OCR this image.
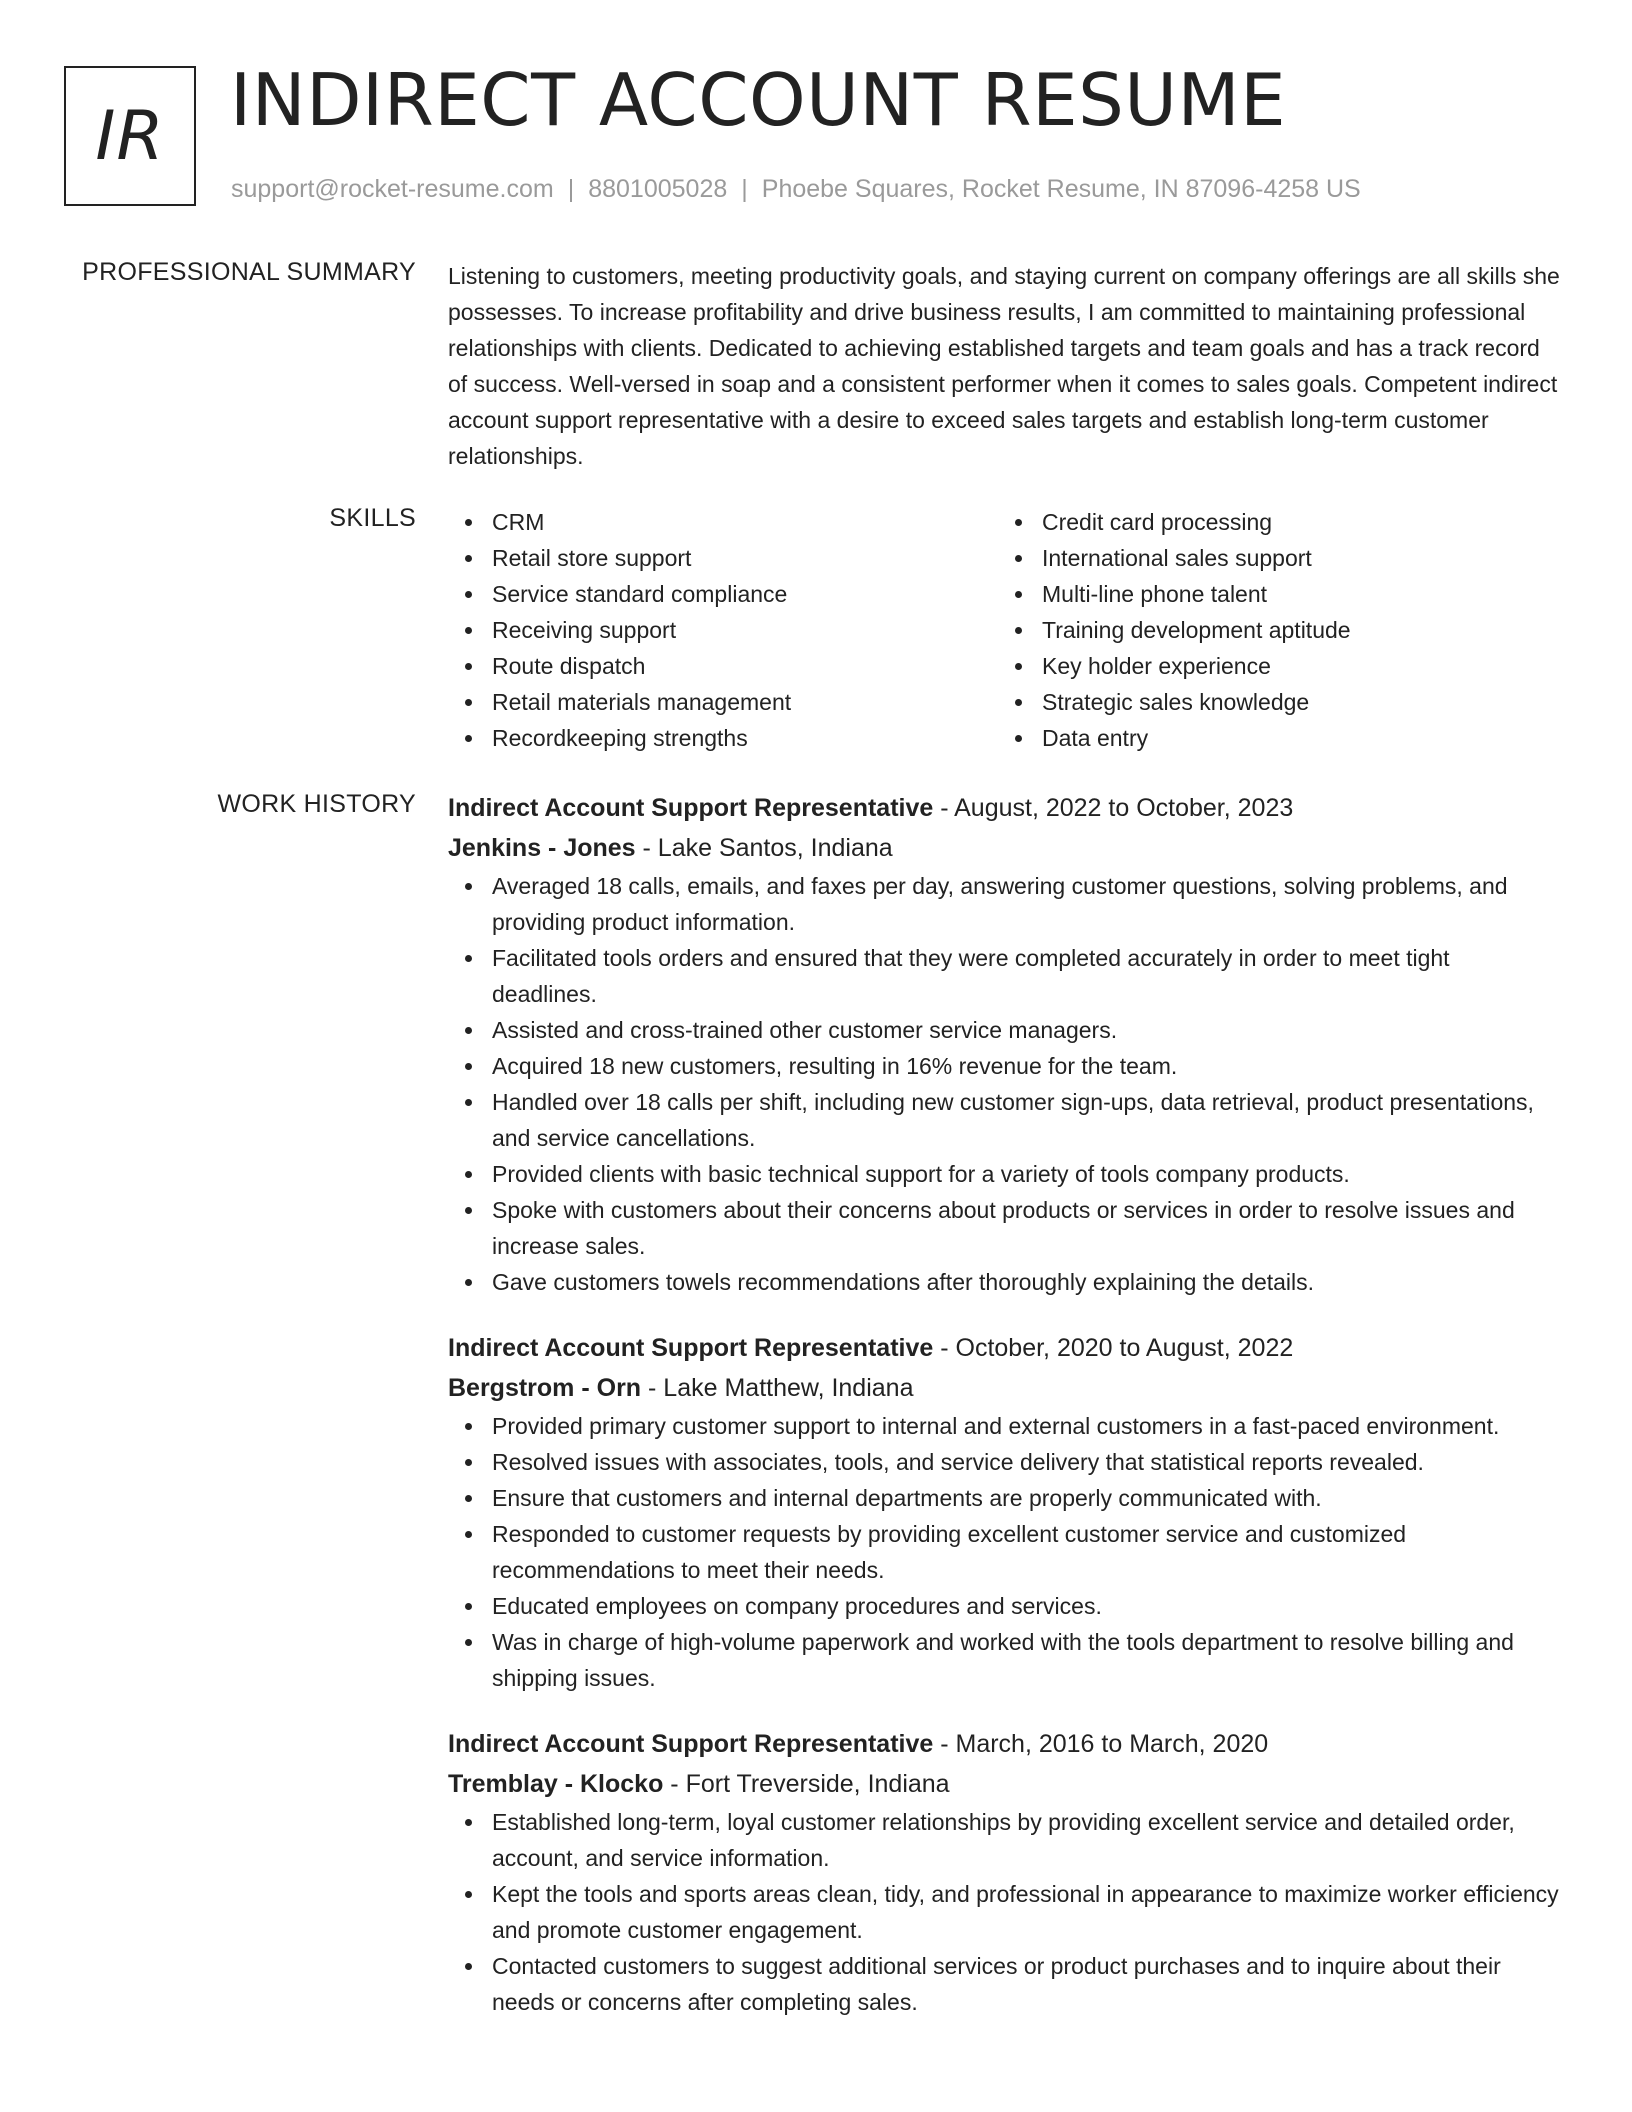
IR INDIRECT ACCOUNT RESUME
support@rocket-resume.com | 8801005028 | Phoebe Squares, Rocket Resume, IN 87096-4258 US
PROFESSIONAL SUMMARY Listening to customers, meeting productivity goals, and staying current on company offerings are all skills she possesses. To increase profitability and drive business results, I am committed to maintaining professional relationships with clients. Dedicated to achieving established targets and team goals and has a track record of success. Well-versed in soap and a consistent performer when it comes to sales goals. Competent indirect account support representative with a desire to exceed sales targets and establish long-term customer relationships.

SKILLS	CRM
Retail store support
Service standard compliance
Receiving support
Route dispatch
Retail materials management
Recordkeeping strengths
Credit card processing
International sales support
Multi-line phone talent
Training development aptitude
Key holder experience
Strategic sales knowledge
Data entry
WORK HISTORY Indirect Account Support Representative - August, 2022 to October, 2023
Jenkins - Jones - Lake Santos, Indiana
Averaged 18 calls, emails, and faxes per day, answering customer questions, solving problems, and providing product information.
Facilitated tools orders and ensured that they were completed accurately in order to meet tight deadlines.
Assisted and cross-trained other customer service managers.
Acquired 18 new customers, resulting in 16% revenue for the team.
Handled over 18 calls per shift, including new customer sign-ups, data retrieval, product presentations, and service cancellations.
Provided clients with basic technical support for a variety of tools company products.
Spoke with customers about their concerns about products or services in order to resolve issues and increase sales.
Gave customers towels recommendations after thoroughly explaining the details.
Indirect Account Support Representative - October, 2020 to August, 2022
Bergstrom - Orn - Lake Matthew, Indiana
Provided primary customer support to internal and external customers in a fast-paced environment.
Resolved issues with associates, tools, and service delivery that statistical reports revealed.
Ensure that customers and internal departments are properly communicated with.
Responded to customer requests by providing excellent customer service and customized recommendations to meet their needs.
Educated employees on company procedures and services.
Was in charge of high-volume paperwork and worked with the tools department to resolve billing and shipping issues.
Indirect Account Support Representative - March, 2016 to March, 2020
Tremblay - Klocko - Fort Treverside, Indiana
Established long-term, loyal customer relationships by providing excellent service and detailed order, account, and service information.
Kept the tools and sports areas clean, tidy, and professional in appearance to maximize worker efficiency and promote customer engagement.
Contacted customers to suggest additional services or product purchases and to inquire about their needs or concerns after completing sales.
